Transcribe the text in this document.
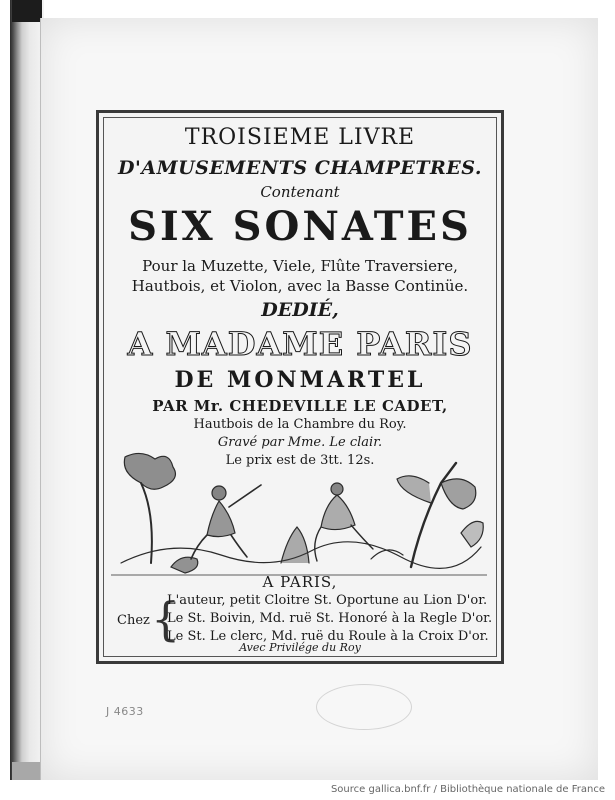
TROISIEME LIVRE
D'AMUSEMENTS CHAMPETRES.
Contenant
SIX SONATES
Pour la Muzette, Viele, Flûte Traversiere,
Hautbois, et Violon, avec la Basse Continüe.
DEDIÉ,
A MADAME PARIS
DE MONMARTEL
PAR Mr. CHEDEVILLE LE CADET,
Hautbois de la Chambre du Roy.
Gravé par Mme. Le clair.
Le prix est de 3tt. 12s.
A PARIS,
Chez {
L'auteur, petit Cloitre St. Oportune au Lion D'or.
Le St. Boivin, Md. ruë St. Honoré à la Regle D'or.
Le St. Le clerc, Md. ruë du Roule à la Croix D'or.
Avec Privilége du Roy
J 4633
Source gallica.bnf.fr / Bibliothèque nationale de France
